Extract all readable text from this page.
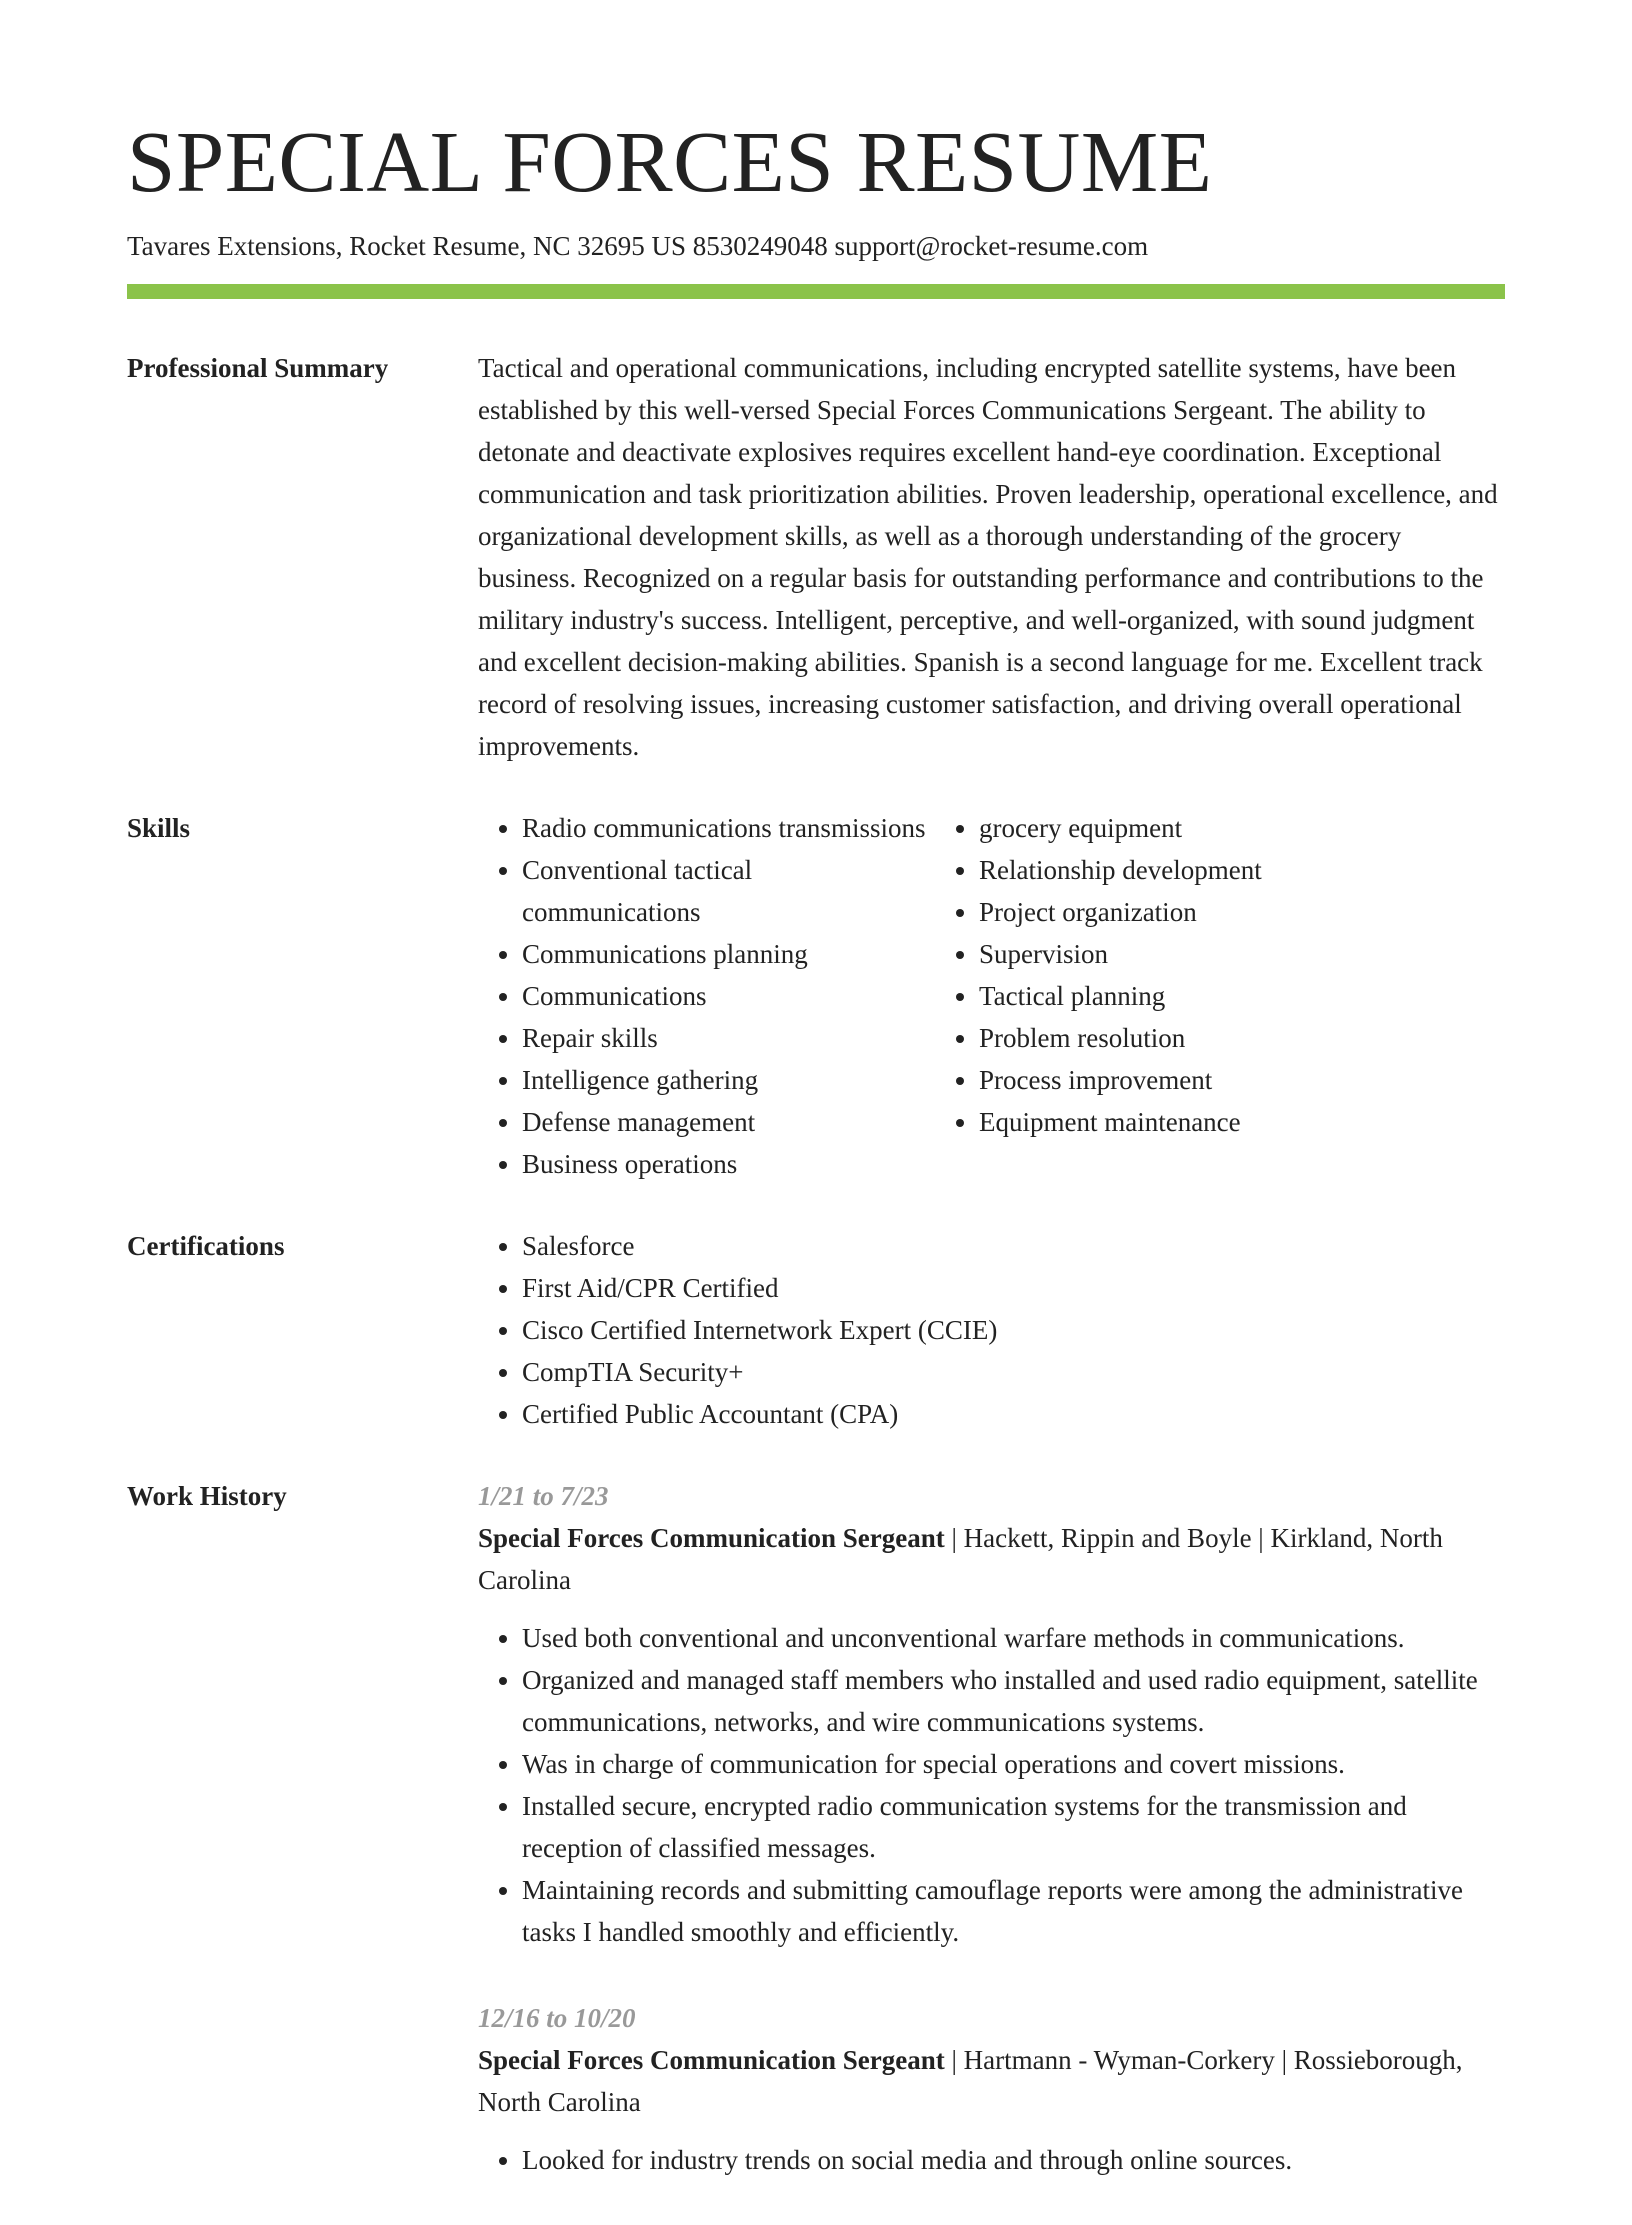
SPECIAL FORCES RESUME
Tavares Extensions, Rocket Resume, NC 32695 US 8530249048 support@rocket-resume.com
Professional Summary	Tactical and operational communications, including encrypted satellite systems, have been established by this well-versed Special Forces Communications Sergeant. The ability to detonate and deactivate explosives requires excellent hand-eye coordination. Exceptional communication and task prioritization abilities. Proven leadership, operational excellence, and organizational development skills, as well as a thorough understanding of the grocery business. Recognized on a regular basis for outstanding performance and contributions to the military industry's success. Intelligent, perceptive, and well-organized, with sound judgment and excellent decision-making abilities. Spanish is a second language for me. Excellent track record of resolving issues, increasing customer satisfaction, and driving overall operational improvements.

Skills	• Radio communications transmissions
• Conventional tactical communications
• Communications planning
• Communications
• Repair skills
• Intelligence gathering
• Defense management
• Business operations
• grocery equipment
• Relationship development
• Project organization
• Supervision
• Tactical planning
• Problem resolution
• Process improvement
• Equipment maintenance
Certifications	• Salesforce
• First Aid/CPR Certified
• Cisco Certified Internetwork Expert (CCIE)
• CompTIA Security+
• Certified Public Accountant (CPA)
Work History	1/21 to 7/23
Special Forces Communication Sergeant | Hackett, Rippin and Boyle | Kirkland, North Carolina
• Used both conventional and unconventional warfare methods in communications.
• Organized and managed staff members who installed and used radio equipment, satellite communications, networks, and wire communications systems.
• Was in charge of communication for special operations and covert missions.
• Installed secure, encrypted radio communication systems for the transmission and reception of classified messages.
• Maintaining records and submitting camouflage reports were among the administrative tasks I handled smoothly and efficiently.
12/16 to 10/20
Special Forces Communication Sergeant | Hartmann - Wyman-Corkery | Rossieborough, North Carolina
• Looked for industry trends on social media and through online sources.
